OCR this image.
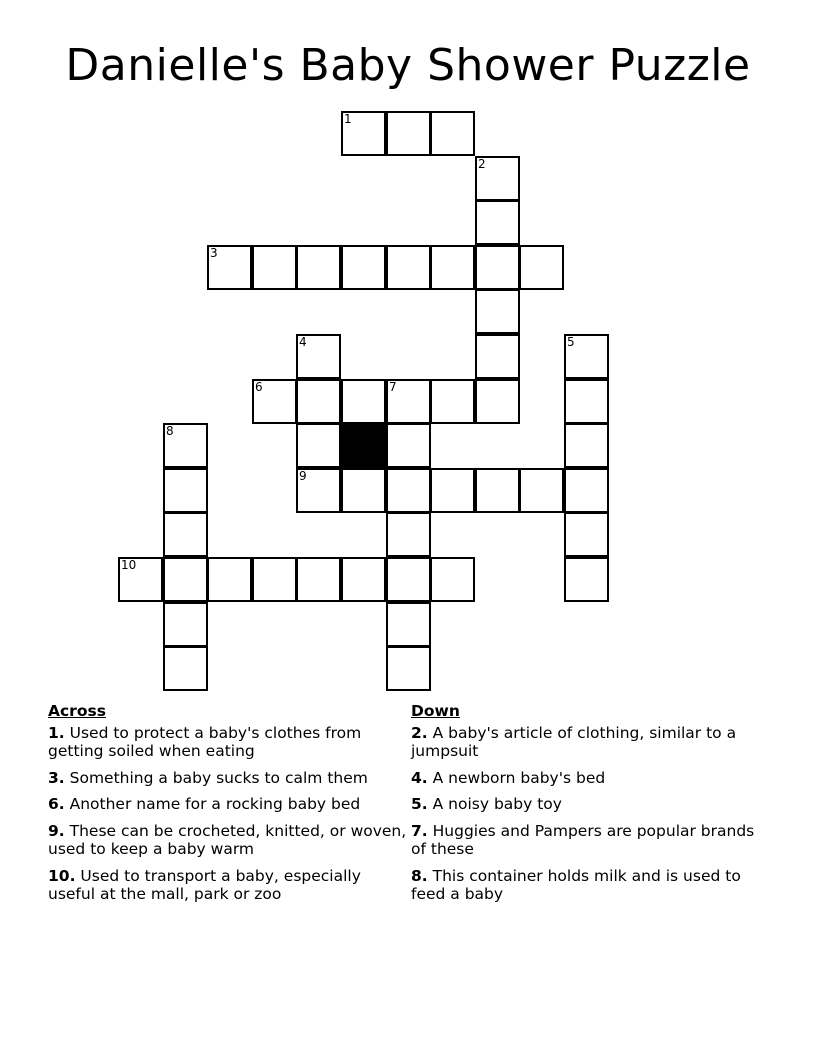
Danielle's Baby Shower Puzzle
1
2
3
4	5
6	7
8
9
10
Across
1. Used to protect a baby's clothes from getting soiled when eating
3. Something a baby sucks to calm them
6. Another name for a rocking baby bed
9. These can be crocheted, knitted, or woven, used to keep a baby warm
10. Used to transport a baby, especially useful at the mall, park or zoo
Down
2. A baby's article of clothing, similar to a jumpsuit
4. A newborn baby's bed
5. A noisy baby toy
7. Huggies and Pampers are popular brands of these
8. This container holds milk and is used to feed a baby
